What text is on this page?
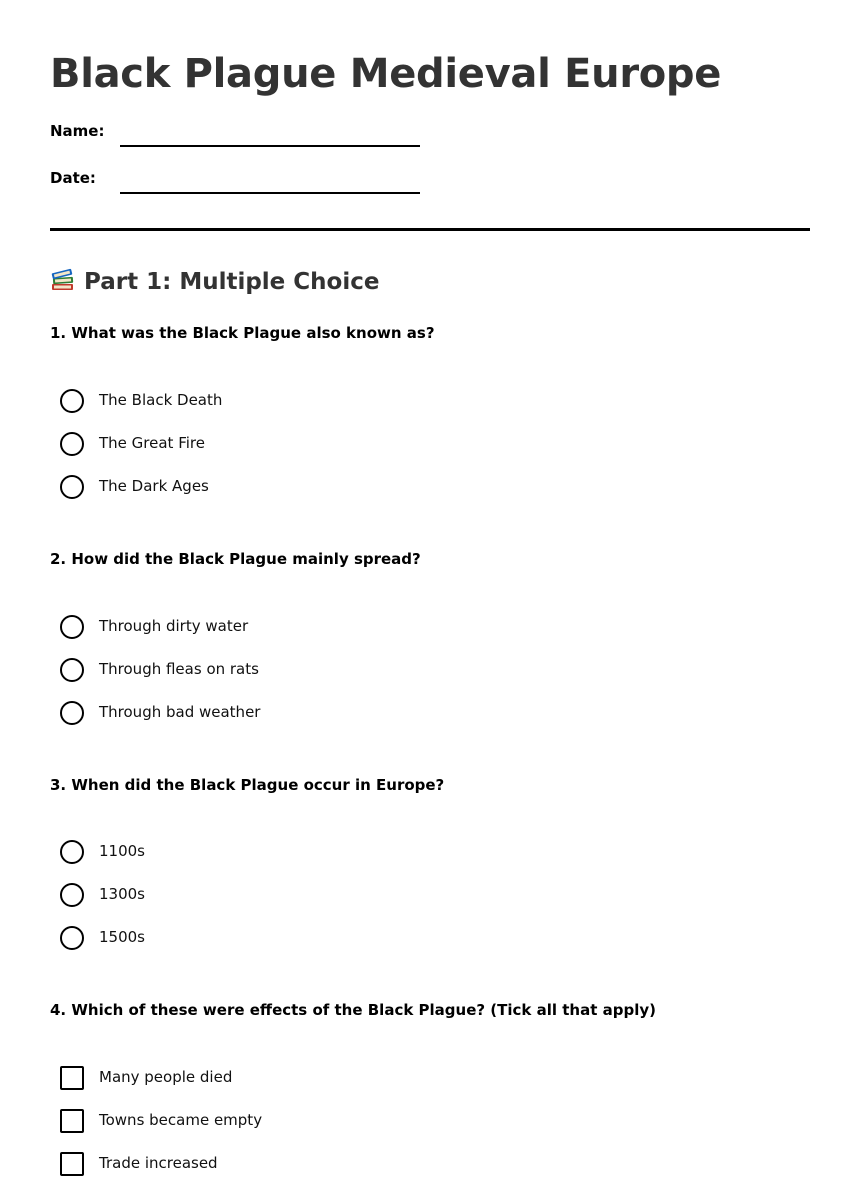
Black Plague Medieval Europe
Name:
Date:
Part 1: Multiple Choice
1. What was the Black Plague also known as?
The Black Death
The Great Fire
The Dark Ages
2. How did the Black Plague mainly spread?
Through dirty water
Through fleas on rats
Through bad weather
3. When did the Black Plague occur in Europe?
1100s
1300s
1500s
4. Which of these were effects of the Black Plague? (Tick all that apply)
Many people died
Towns became empty
Trade increased
